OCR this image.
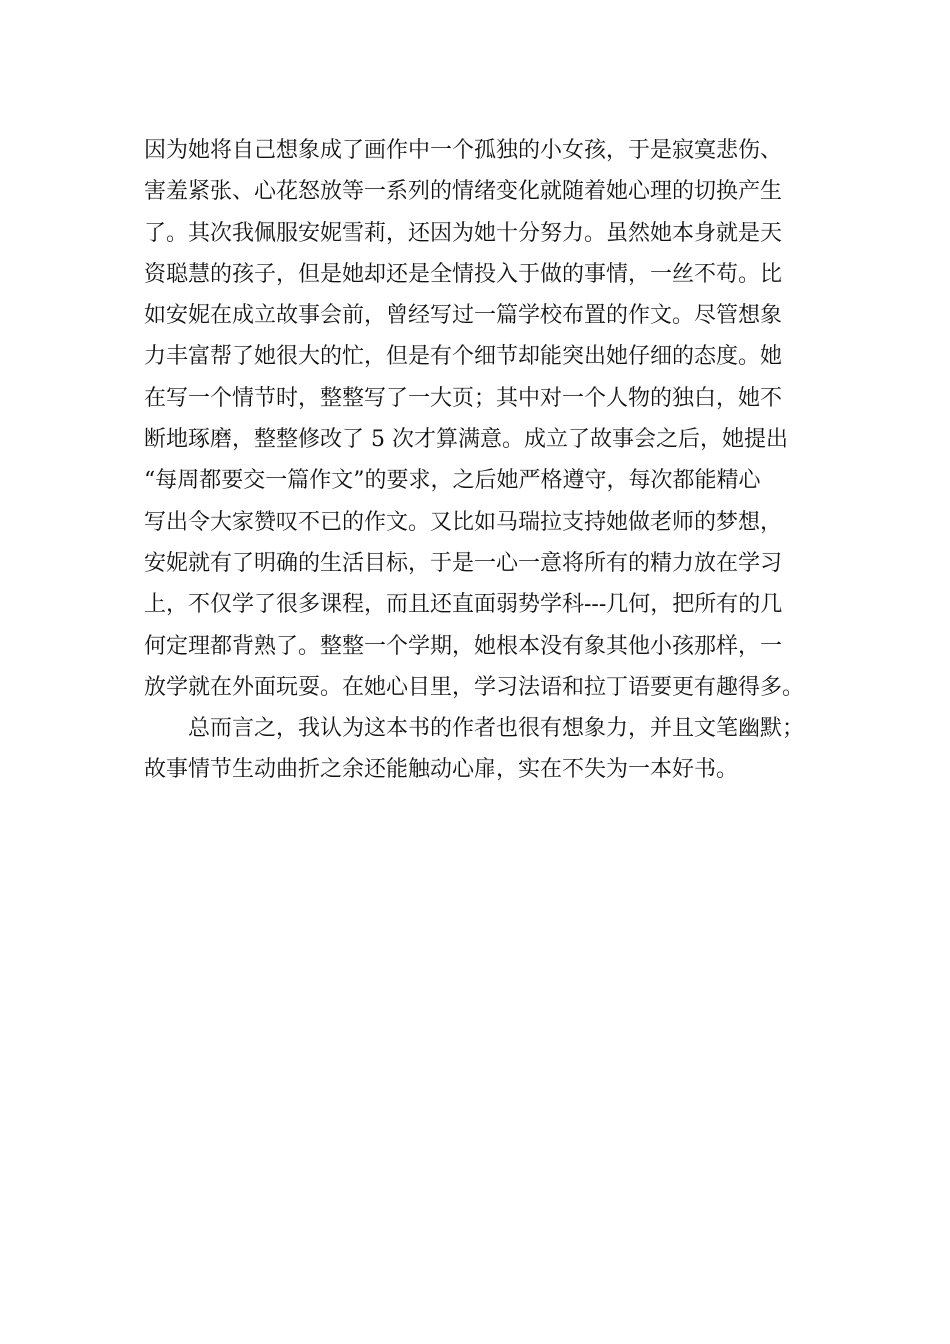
因为她将自己想象成了画作中一个孤独的小女孩，于是寂寞悲伤、
害羞紧张、心花怒放等一系列的情绪变化就随着她心理的切换产生
了。其次我佩服安妮雪莉，还因为她十分努力。虽然她本身就是天
资聪慧的孩子，但是她却还是全情投入于做的事情，一丝不苟。比
如安妮在成立故事会前，曾经写过一篇学校布置的作文。尽管想象
力丰富帮了她很大的忙，但是有个细节却能突出她仔细的态度。她
在写一个情节时，整整写了一大页；其中对一个人物的独白，她不
断地琢磨，整整修改了 5 次才算满意。成立了故事会之后，她提出
“每周都要交一篇作文”的要求，之后她严格遵守，每次都能精心
写出令大家赞叹不已的作文。又比如马瑞拉支持她做老师的梦想，
安妮就有了明确的生活目标，于是一心一意将所有的精力放在学习
上，不仅学了很多课程，而且还直面弱势学科---几何，把所有的几
何定理都背熟了。整整一个学期，她根本没有象其他小孩那样，一
放学就在外面玩耍。在她心目里，学习法语和拉丁语要更有趣得多。
总而言之，我认为这本书的作者也很有想象力，并且文笔幽默；
故事情节生动曲折之余还能触动心扉，实在不失为一本好书。
